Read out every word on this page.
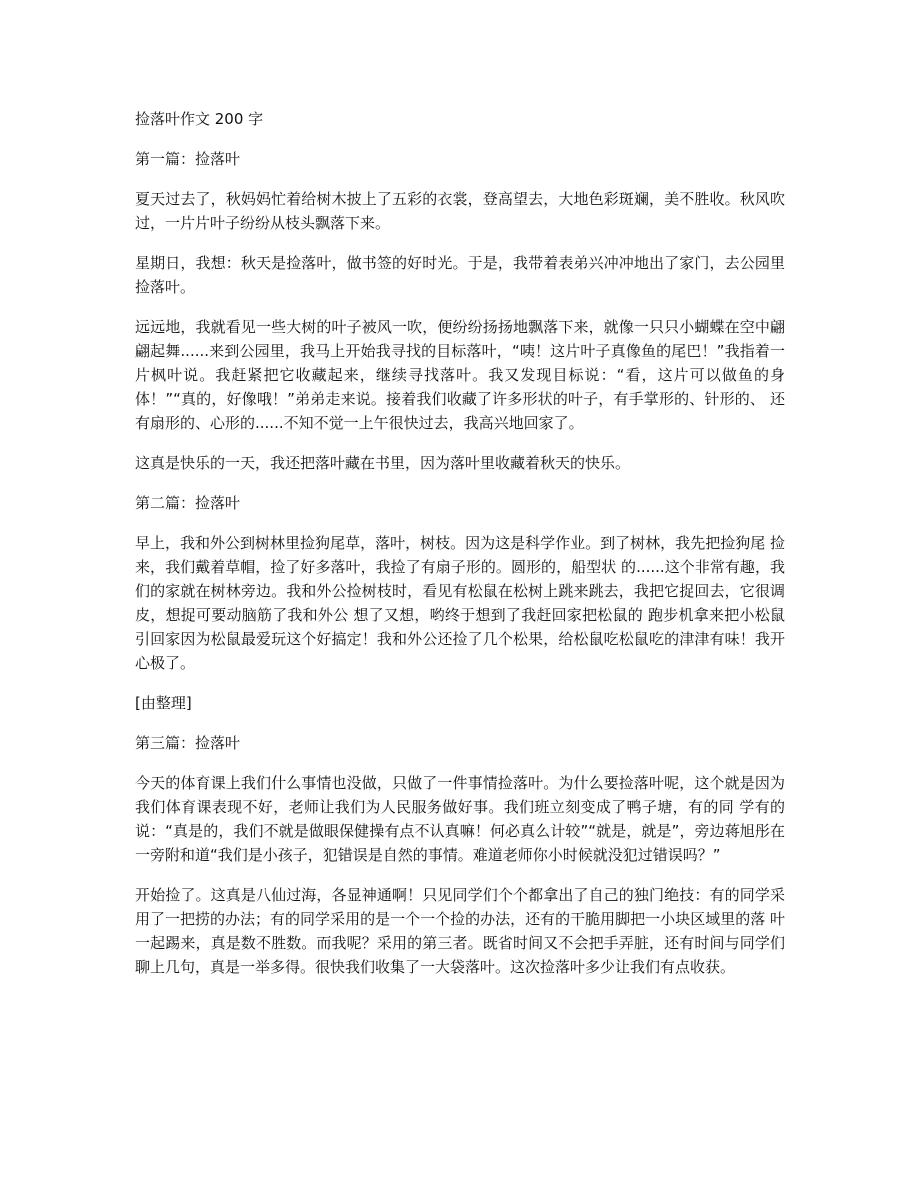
捡落叶作文 200 字
第一篇：捡落叶

夏天过去了，秋妈妈忙着给树木披上了五彩的衣裳，登高望去，大地色彩斑斓，美不胜收。秋风吹过，一片片叶子纷纷从枝头飘落下来。

星期日，我想：秋天是捡落叶，做书签的好时光。于是，我带着表弟兴冲冲地出了家门，去公园里捡落叶。

远远地，我就看见一些大树的叶子被风一吹，便纷纷扬扬地飘落下来，就像一只只小蝴蝶在空中翩翩起舞......来到公园里，我马上开始我寻找的目标落叶，“咦！这片叶子真像鱼的尾巴！”我指着一片枫叶说。我赶紧把它收藏起来，继续寻找落叶。我又发现目标说：“看，这片可以做鱼的身体！”“真的，好像哦！”弟弟走来说。接着我们收藏了许多形状的叶子，有手掌形的、针形的、 还有扇形的、心形的......不知不觉一上午很快过去，我高兴地回家了。

这真是快乐的一天，我还把落叶藏在书里，因为落叶里收藏着秋天的快乐。

第二篇：捡落叶

早上，我和外公到树林里捡狗尾草，落叶，树枝。因为这是科学作业。到了树林，我先把捡狗尾 捡来，我们戴着草帽，捡了好多落叶，我捡了有扇子形的。圆形的，船型状 的......这个非常有趣，我们的家就在树林旁边。我和外公捡树枝时，看见有松鼠在松树上跳来跳去，我把它捉回去，它很调皮，想捉可要动脑筋了我和外公 想了又想，哟终于想到了我赶回家把松鼠的 跑步机拿来把小松鼠引回家因为松鼠最爱玩这个好搞定！我和外公还捡了几个松果，给松鼠吃松鼠吃的津津有味！我开心极了。

[由整理]

第三篇：捡落叶

今天的体育课上我们什么事情也没做，只做了一件事情捡落叶。为什么要捡落叶呢，这个就是因为我们体育课表现不好，老师让我们为人民服务做好事。我们班立刻变成了鸭子塘，有的同 学有的说：“真是的，我们不就是做眼保健操有点不认真嘛！何必真么计较”“就是，就是”，旁边蒋旭彤在一旁附和道“我们是小孩子，犯错误是自然的事情。难道老师你小时候就没犯过错误吗？”

开始捡了。这真是八仙过海，各显神通啊！只见同学们个个都拿出了自己的独门绝技：有的同学采用了一把捞的办法；有的同学采用的是一个一个捡的办法，还有的干脆用脚把一小块区域里的落 叶一起踢来，真是数不胜数。而我呢？采用的第三者。既省时间又不会把手弄脏，还有时间与同学们聊上几句，真是一举多得。很快我们收集了一大袋落叶。这次捡落叶多少让我们有点收获。
